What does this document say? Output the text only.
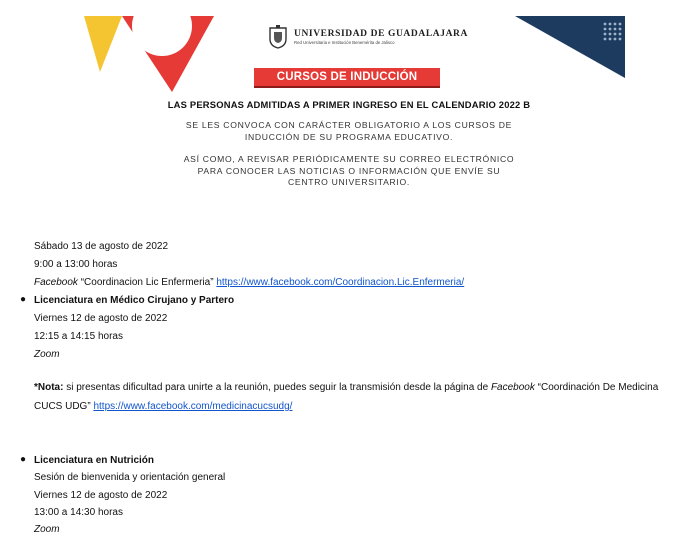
UNIVERSIDAD DE GUADALAJARA
Red Universitaria e Institución Benemérita de Jalisco
CURSOS DE INDUCCIÓN
LAS PERSONAS ADMITIDAS A PRIMER INGRESO EN EL CALENDARIO 2022 B
SE LES CONVOCA CON CARÁCTER OBLIGATORIO A LOS CURSOS DE
INDUCCIÓN DE SU PROGRAMA EDUCATIVO.
ASÍ COMO, A REVISAR PERIÓDICAMENTE SU CORREO ELECTRÓNICO
PARA CONOCER LAS NOTICIAS O INFORMACIÓN QUE ENVÍE SU
CENTRO UNIVERSITARIO.
Sábado 13 de agosto de 2022
9:00 a 13:00 horas
Facebook “Coordinacion Lic Enfermeria” https://www.facebook.com/Coordinacion.Lic.Enfermeria/
● Licenciatura en Médico Cirujano y Partero
Viernes 12 de agosto de 2022
12:15 a 14:15 horas
Zoom
*Nota: si presentas dificultad para unirte a la reunión, puedes seguir la transmisión desde la página de Facebook “Coordinación De Medicina
CUCS UDG” https://www.facebook.com/medicinacucsudg/
● Licenciatura en Nutrición
Sesión de bienvenida y orientación general
Viernes 12 de agosto de 2022
13:00 a 14:30 horas
Zoom
